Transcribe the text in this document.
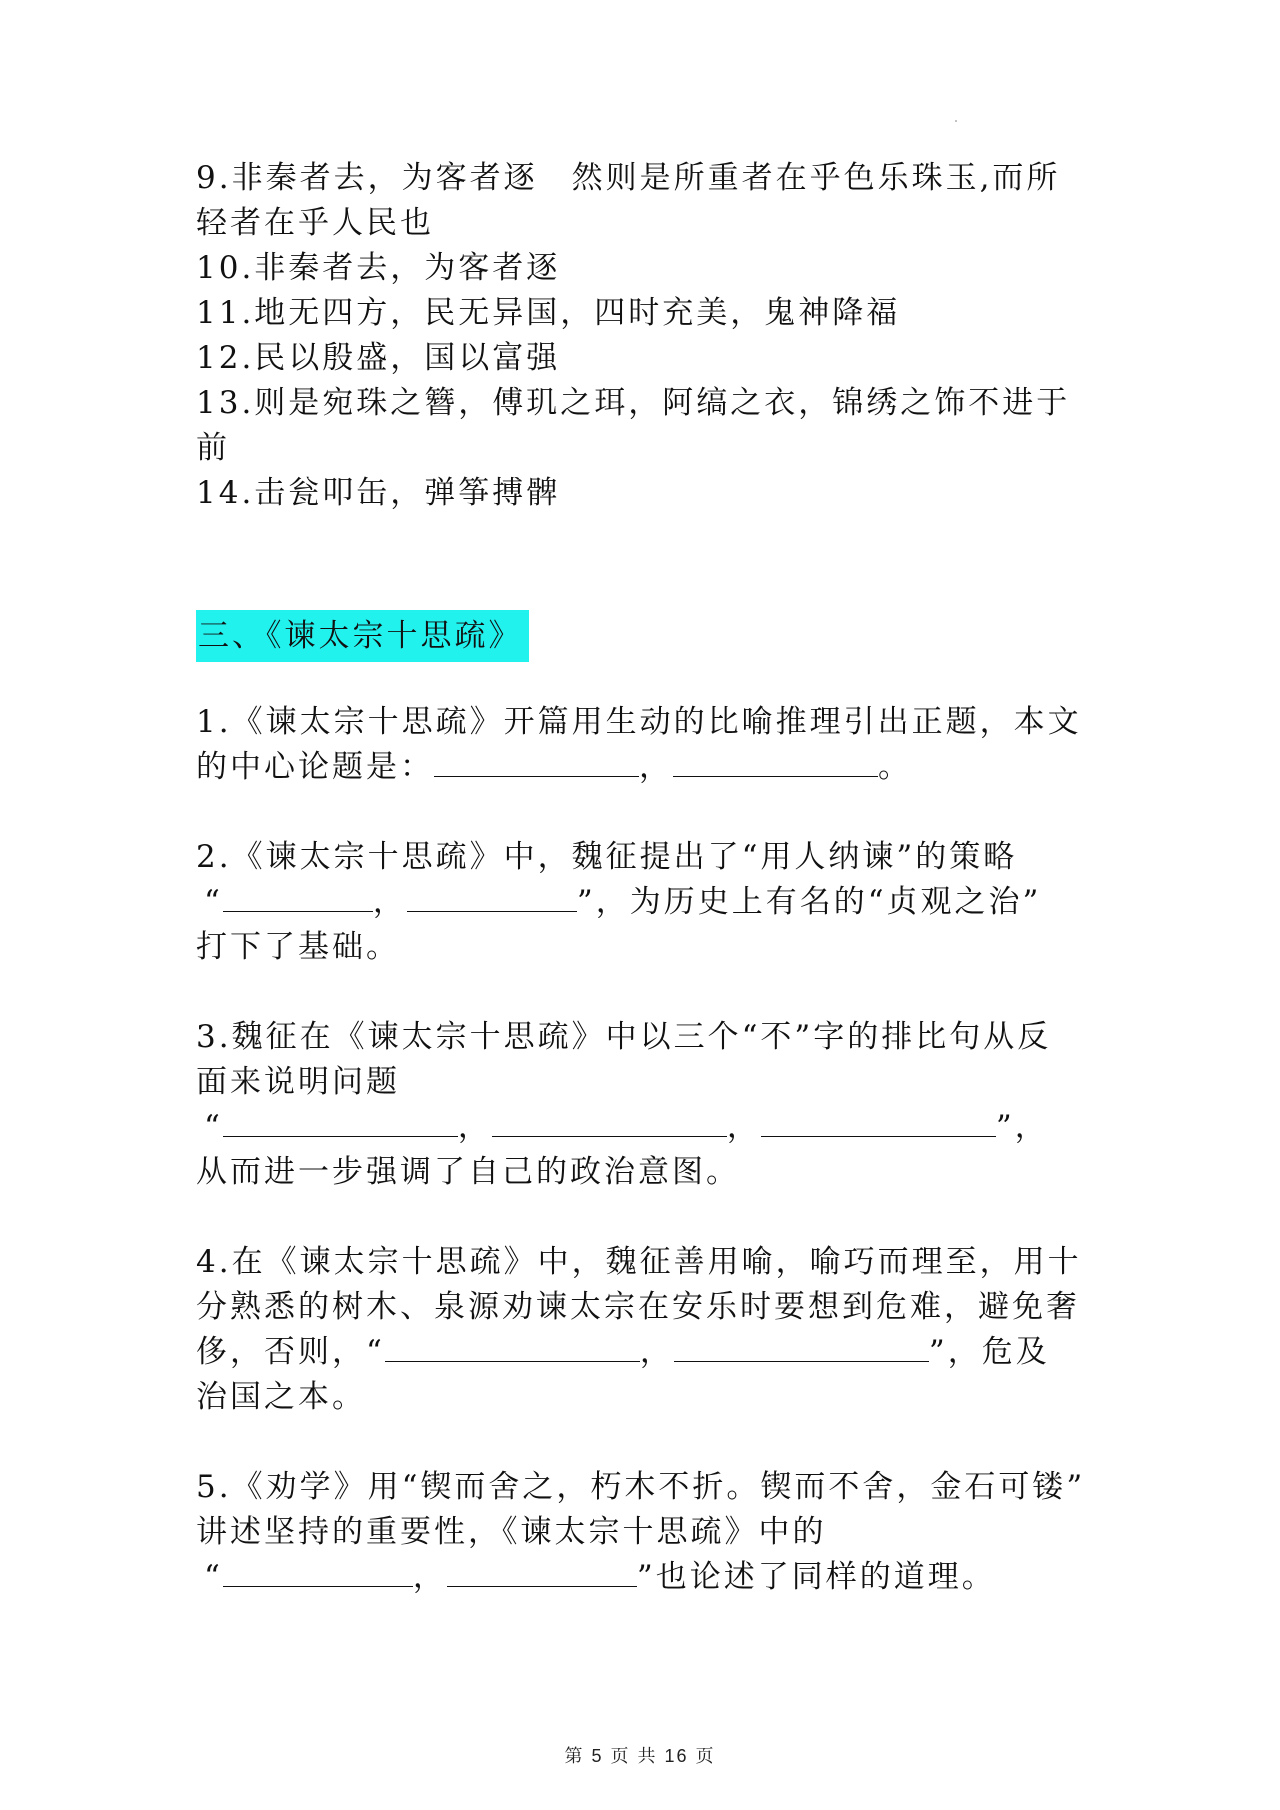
9.非秦者去，为客者逐　然则是所重者在乎色乐珠玉,而所
轻者在乎人民也
10.非秦者去，为客者逐
11.地无四方，民无异国，四时充美，鬼神降福
12.民以殷盛，国以富强
13.则是宛珠之簪，傅玑之珥，阿缟之衣，锦绣之饰不进于
前
14.击瓮叩缶，弹筝搏髀
三、《谏太宗十思疏》
1.《谏太宗十思疏》开篇用生动的比喻推理引出正题，本文
的中心论题是：	，	。
2.《谏太宗十思疏》中，魏征提出了“用人纳谏”的策略
“	，	”，为历史上有名的“贞观之治”
打下了基础。
3.魏征在《谏太宗十思疏》中以三个“不”字的排比句从反
面来说明问题
“	，	，	”，
从而进一步强调了自己的政治意图。
4.在《谏太宗十思疏》中，魏征善用喻，喻巧而理至，用十
分熟悉的树木、泉源劝谏太宗在安乐时要想到危难，避免奢
侈，否则，“	，	”，危及
治国之本。
5.《劝学》用“锲而舍之，朽木不折。锲而不舍，金石可镂”
讲述坚持的重要性，《谏太宗十思疏》中的
“	，	”也论述了同样的道理。
第 5 页 共 16 页
